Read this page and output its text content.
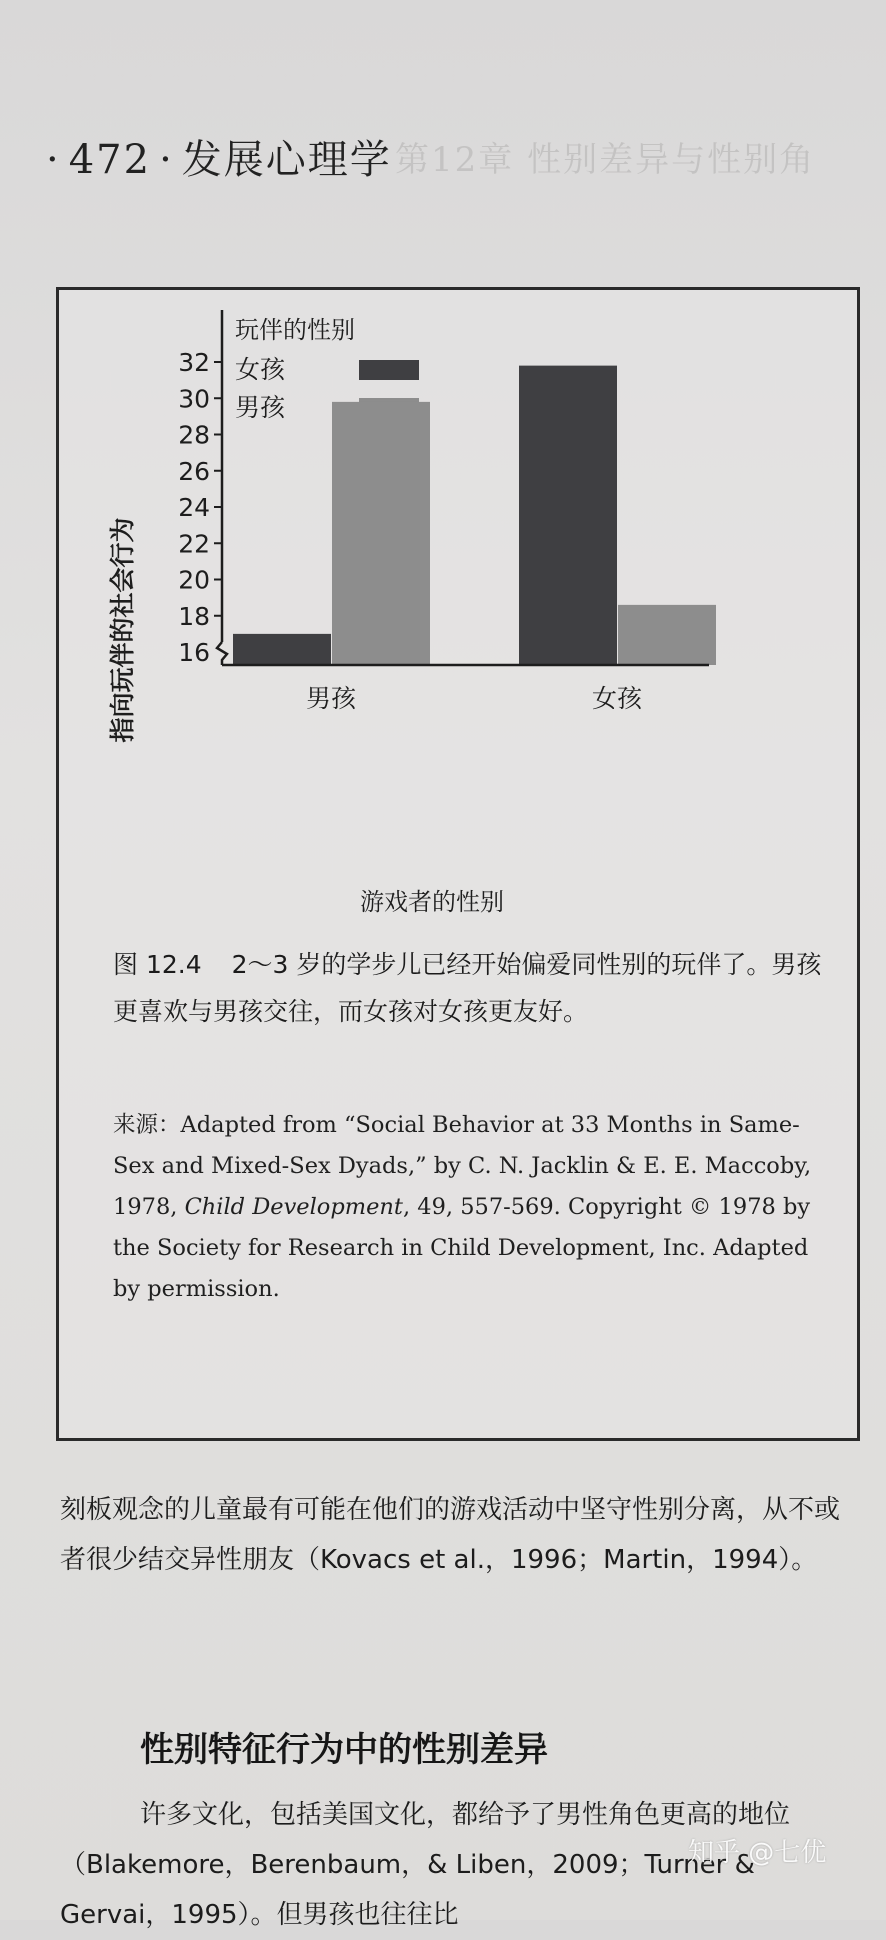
· 472 · 发展心理学 第12章 性别差异与性别角
玩伴的性别
女孩
男孩
指向玩伴的社会行为 16
18
20
22
24
26
28
30
32
男孩	女孩
游戏者的性别
图 12.4 2～3 岁的学步儿已经开始偏爱同性别的玩伴了。男孩更喜欢与男孩交往，而女孩对女孩更友好。
来源：Adapted from “Social Behavior at 33 Months in Same-Sex and Mixed-Sex Dyads,” by C. N. Jacklin & E. E. Maccoby, 1978, Child Development, 49, 557-569. Copyright © 1978 by the Society for Research in Child Development, Inc. Adapted by permission.
刻板观念的儿童最有可能在他们的游戏活动中坚守性别分离，从不或者很少结交异性朋友（Kovacs et al.，1996；Martin，1994）。
性别特征行为中的性别差异
许多文化，包括美国文化，都给予了男性角色更高的地位（Blakemore，Berenbaum，& Liben，2009；Turner & Gervai，1995）。但男孩也往往比
知乎 @七优
